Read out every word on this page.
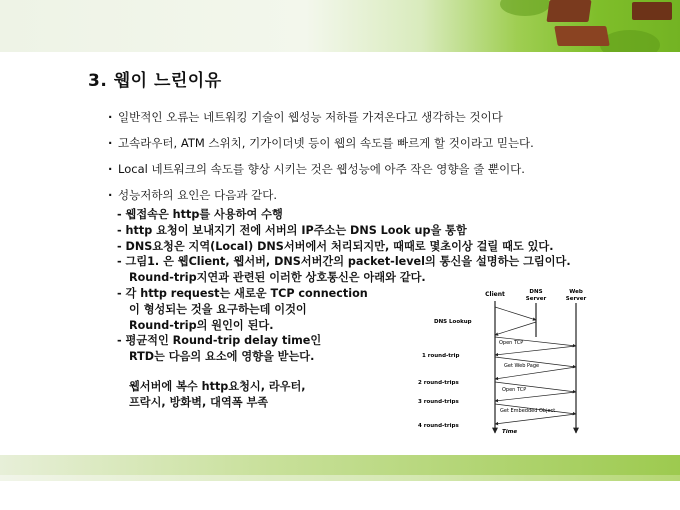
3. 웹이 느린이유
· 일반적인 오류는 네트워킹 기술이 웹성능 저하를 가져온다고 생각하는 것이다
· 고속라우터, ATM 스위치, 기가이더넷 등이 웹의 속도를 빠르게 할 것이라고 믿는다.
· Local 네트워크의 속도를 향상 시키는 것은 웹성능에 아주 작은 영향을 줄 뿐이다.
· 성능저하의 요인은 다음과 같다.
- 웹접속은 http를 사용하여 수행
- http 요청이 보내지기 전에 서버의 IP주소는 DNS Look up을 통함
- DNS요청은 지역(Local) DNS서버에서 처리되지만, 때때로 몇초이상 걸릴 때도 있다.
- 그림1. 은 웹Client, 웹서버, DNS서버간의 packet-level의 통신을 설명하는 그림이다.
Round-trip지연과 관련된 이러한 상호통신은 아래와 같다.
- 각 http request는 새로운 TCP connection
이 형성되는 것을 요구하는데 이것이
Round-trip의 원인이 된다.
- 평균적인 Round-trip delay time인
RTD는 다음의 요소에 영향을 받는다.
웹서버에 복수 http요청시, 라우터,
프락시, 방화벽, 대역폭 부족
Client	DNS
Server
Web
Server
DNS Lookup
Open TCP
1 round-trip
Get Web Page
2 round-trips
Open TCP
3 round-trips
Get Embedded Object
4 round-trips
Time
